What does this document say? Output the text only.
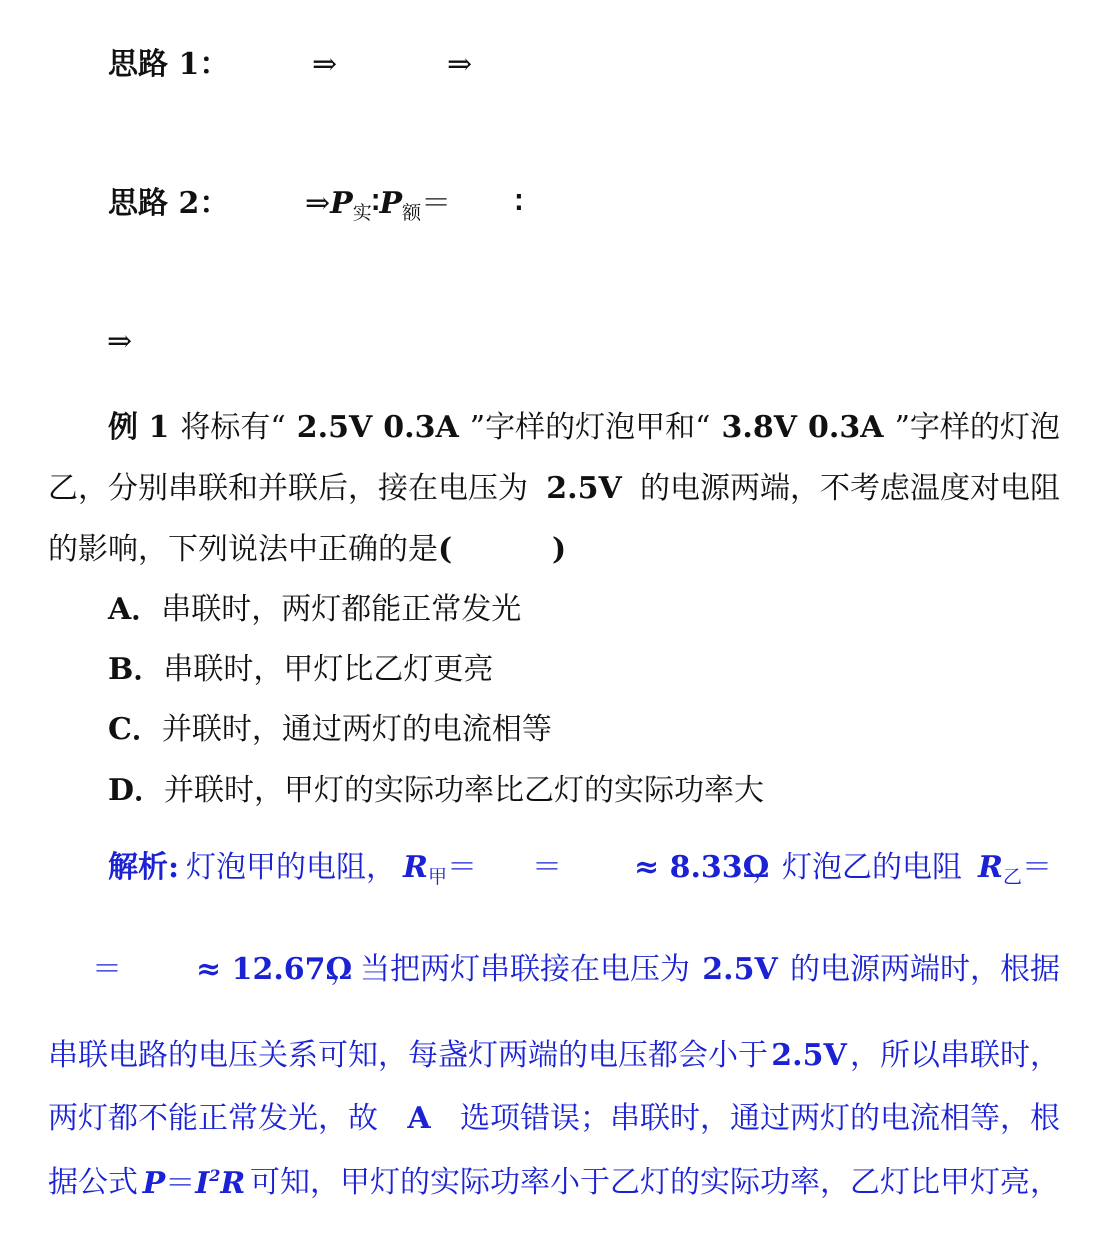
思路 1：	⇒	⇒
思路 2：	$\Rightarrow P_实∶P_额=$ ∶
⇒
例 1 将标有“ 2.5V 0.3A ”字样的灯泡甲和“ 3.8V 0.3A ”字样的灯泡
乙，分别串联和并联后，接在电压为 2.5V 的电源两端，不考虑温度对电阻
的影响，下列说法中正确的是(	)
A．串联时，两灯都能正常发光
B．串联时，甲灯比乙灯更亮
C．并联时，通过两灯的电流相等
D．并联时，甲灯的实际功率比乙灯的实际功率大
解析: 灯泡甲的电阻， $R_甲=$ ＝ ≈ 8.33Ω
，灯泡乙的电阻 $R_乙=$
＝ ≈ 12.67Ω
，当把两灯串联接在电压为 2.5V 的电源两端时，根据
串联电路的电压关系可知，每盏灯两端的电压都会小于 2.5V ，所以串联时，
两灯都不能正常发光，故 A 选项错误；串联时，通过两灯的电流相等，根
据公式 $P=I^2R$ 可知，甲灯的实际功率小于乙灯的实际功率，乙灯比甲灯亮，
